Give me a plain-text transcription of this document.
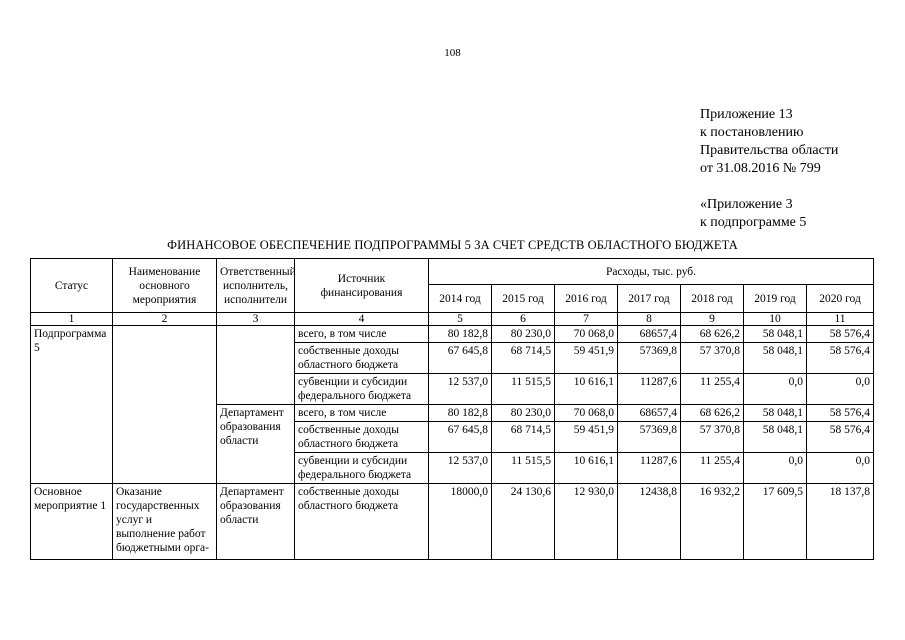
108
Приложение 13
к постановлению
Правительства области
от 31.08.2016 № 799
«Приложение 3
к подпрограмме 5
ФИНАНСОВОЕ ОБЕСПЕЧЕНИЕ ПОДПРОГРАММЫ 5 ЗА СЧЕТ СРЕДСТВ ОБЛАСТНОГО БЮДЖЕТА
Статус	Наименование основного мероприятия	Ответственный исполнитель, исполнители	Источник финансирования	Расходы, тыс. руб.						
				2014 год	2015 год	2016 год	2017 год	2018 год	2019 год	2020 год
1	2	3	4	5	6	7	8	9	10	11
Подпрограмма 5			всего, в том числе	80 182,8	80 230,0	70 068,0	68657,4	68 626,2	58 048,1	58 576,4
			собственные доходы областного бюджета	67 645,8	68 714,5	59 451,9	57369,8	57 370,8	58 048,1	58 576,4
			субвенции и субсидии федерального бюджета	12 537,0	11 515,5	10 616,1	11287,6	11 255,4	0,0	0,0
		Департамент образования области	всего, в том числе	80 182,8	80 230,0	70 068,0	68657,4	68 626,2	58 048,1	58 576,4
			собственные доходы областного бюджета	67 645,8	68 714,5	59 451,9	57369,8	57 370,8	58 048,1	58 576,4
			субвенции и субсидии федерального бюджета	12 537,0	11 515,5	10 616,1	11287,6	11 255,4	0,0	0,0
Основное мероприятие 1	Оказание государственных услуг и выполнение работ бюджетными орга-	Департамент образования области	собственные доходы областного бюджета	18000,0	24 130,6	12 930,0	12438,8	16 932,2	17 609,5	18 137,8
